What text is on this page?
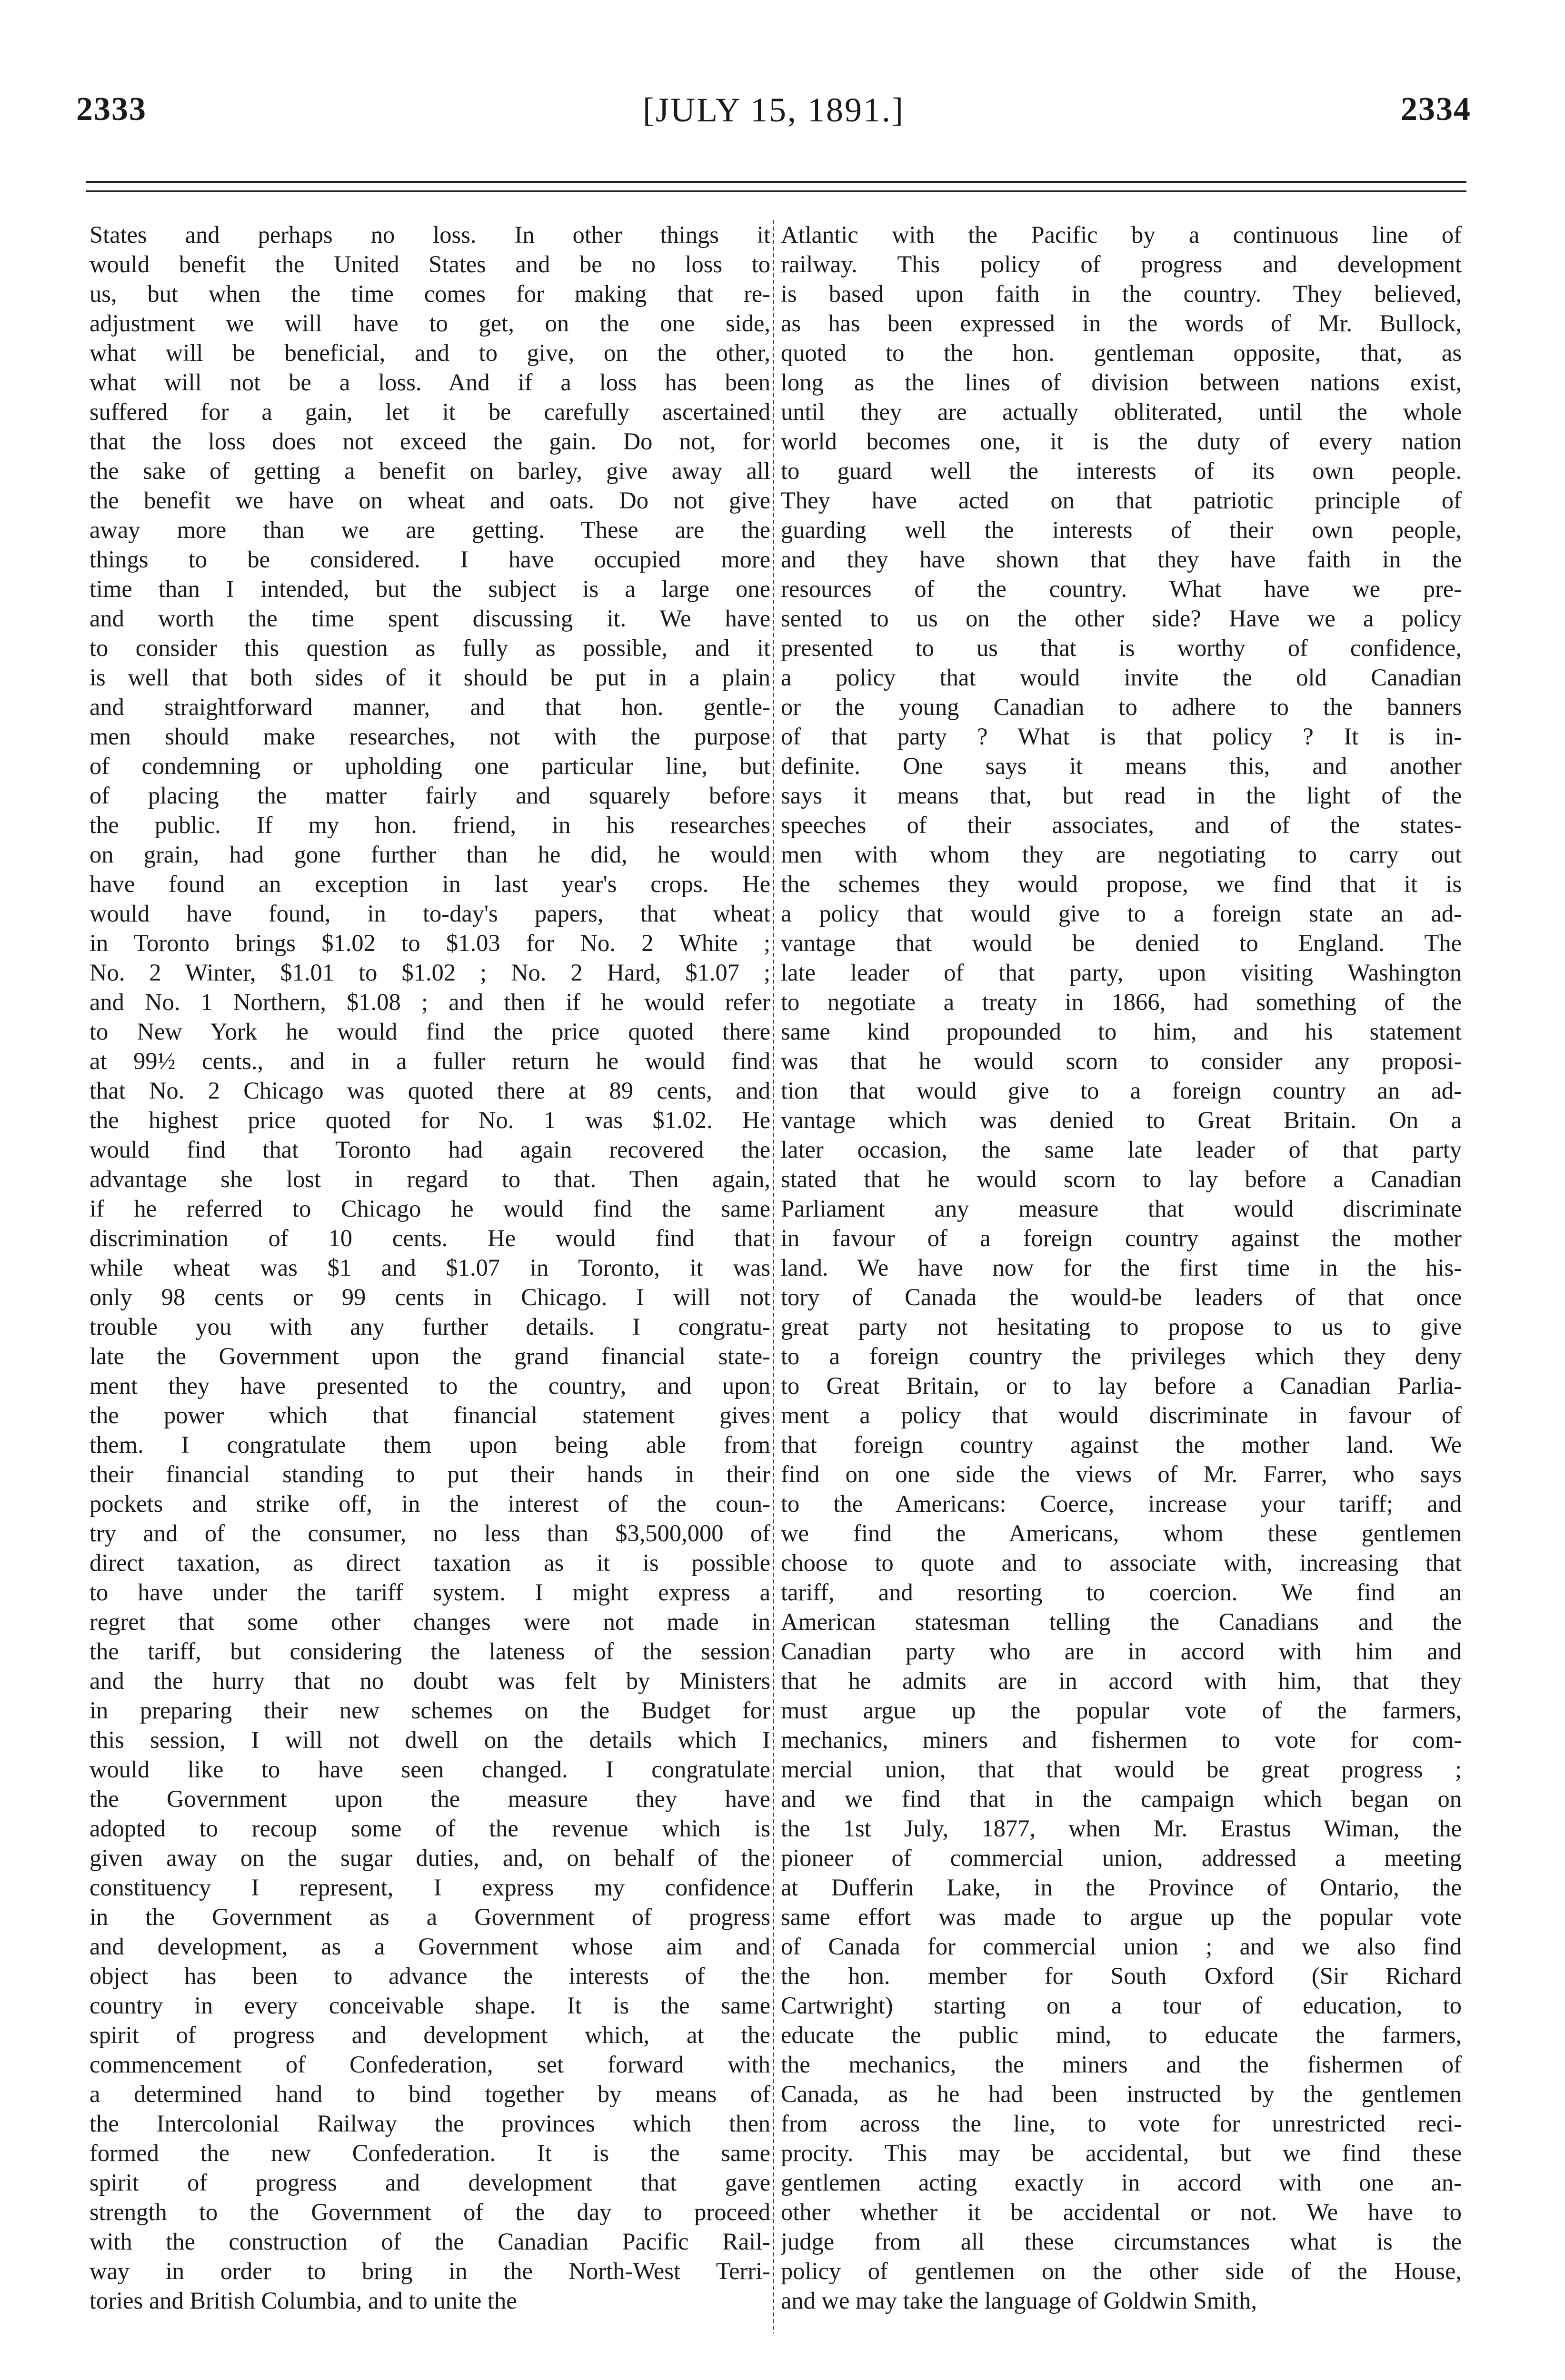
2333	[JULY 15, 1891.]	2334
States and perhaps no loss. In other things it
would benefit the United States and be no loss to
us, but when the time comes for making that re-
adjustment we will have to get, on the one side,
what will be beneficial, and to give, on the other,
what will not be a loss. And if a loss has been
suffered for a gain, let it be carefully ascertained
that the loss does not exceed the gain. Do not, for
the sake of getting a benefit on barley, give away all
the benefit we have on wheat and oats. Do not give
away more than we are getting. These are the
things to be considered. I have occupied more
time than I intended, but the subject is a large one
and worth the time spent discussing it. We have
to consider this question as fully as possible, and it
is well that both sides of it should be put in a plain
and straightforward manner, and that hon. gentle-
men should make researches, not with the purpose
of condemning or upholding one particular line, but
of placing the matter fairly and squarely before
the public. If my hon. friend, in his researches
on grain, had gone further than he did, he would
have found an exception in last year's crops. He
would have found, in to-day's papers, that wheat
in Toronto brings $1.02 to $1.03 for No. 2 White ;
No. 2 Winter, $1.01 to $1.02 ; No. 2 Hard, $1.07 ;
and No. 1 Northern, $1.08 ; and then if he would refer
to New York he would find the price quoted there
at 99½ cents., and in a fuller return he would find
that No. 2 Chicago was quoted there at 89 cents, and
the highest price quoted for No. 1 was $1.02. He
would find that Toronto had again recovered the
advantage she lost in regard to that. Then again,
if he referred to Chicago he would find the same
discrimination of 10 cents. He would find that
while wheat was $1 and $1.07 in Toronto, it was
only 98 cents or 99 cents in Chicago. I will not
trouble you with any further details. I congratu-
late the Government upon the grand financial state-
ment they have presented to the country, and upon
the power which that financial statement gives
them. I congratulate them upon being able from
their financial standing to put their hands in their
pockets and strike off, in the interest of the coun-
try and of the consumer, no less than $3,500,000 of
direct taxation, as direct taxation as it is possible
to have under the tariff system. I might express a
regret that some other changes were not made in
the tariff, but considering the lateness of the session
and the hurry that no doubt was felt by Ministers
in preparing their new schemes on the Budget for
this session, I will not dwell on the details which I
would like to have seen changed. I congratulate
the Government upon the measure they have
adopted to recoup some of the revenue which is
given away on the sugar duties, and, on behalf of the
constituency I represent, I express my confidence
in the Government as a Government of progress
and development, as a Government whose aim and
object has been to advance the interests of the
country in every conceivable shape. It is the same
spirit of progress and development which, at the
commencement of Confederation, set forward with
a determined hand to bind together by means of
the Intercolonial Railway the provinces which then
formed the new Confederation. It is the same
spirit of progress and development that gave
strength to the Government of the day to proceed
with the construction of the Canadian Pacific Rail-
way in order to bring in the North-West Terri-
tories and British Columbia, and to unite the
Atlantic with the Pacific by a continuous line of
railway. This policy of progress and development
is based upon faith in the country. They believed,
as has been expressed in the words of Mr. Bullock,
quoted to the hon. gentleman opposite, that, as
long as the lines of division between nations exist,
until they are actually obliterated, until the whole
world becomes one, it is the duty of every nation
to guard well the interests of its own people.
They have acted on that patriotic principle of
guarding well the interests of their own people,
and they have shown that they have faith in the
resources of the country. What have we pre-
sented to us on the other side? Have we a policy
presented to us that is worthy of confidence,
a policy that would invite the old Canadian
or the young Canadian to adhere to the banners
of that party ? What is that policy ? It is in-
definite. One says it means this, and another
says it means that, but read in the light of the
speeches of their associates, and of the states-
men with whom they are negotiating to carry out
the schemes they would propose, we find that it is
a policy that would give to a foreign state an ad-
vantage that would be denied to England. The
late leader of that party, upon visiting Washington
to negotiate a treaty in 1866, had something of the
same kind propounded to him, and his statement
was that he would scorn to consider any proposi-
tion that would give to a foreign country an ad-
vantage which was denied to Great Britain. On a
later occasion, the same late leader of that party
stated that he would scorn to lay before a Canadian
Parliament any measure that would discriminate
in favour of a foreign country against the mother
land. We have now for the first time in the his-
tory of Canada the would-be leaders of that once
great party not hesitating to propose to us to give
to a foreign country the privileges which they deny
to Great Britain, or to lay before a Canadian Parlia-
ment a policy that would discriminate in favour of
that foreign country against the mother land. We
find on one side the views of Mr. Farrer, who says
to the Americans: Coerce, increase your tariff; and
we find the Americans, whom these gentlemen
choose to quote and to associate with, increasing that
tariff, and resorting to coercion. We find an
American statesman telling the Canadians and the
Canadian party who are in accord with him and
that he admits are in accord with him, that they
must argue up the popular vote of the farmers,
mechanics, miners and fishermen to vote for com-
mercial union, that that would be great progress ;
and we find that in the campaign which began on
the 1st July, 1877, when Mr. Erastus Wiman, the
pioneer of commercial union, addressed a meeting
at Dufferin Lake, in the Province of Ontario, the
same effort was made to argue up the popular vote
of Canada for commercial union ; and we also find
the hon. member for South Oxford (Sir Richard
Cartwright) starting on a tour of education, to
educate the public mind, to educate the farmers,
the mechanics, the miners and the fishermen of
Canada, as he had been instructed by the gentlemen
from across the line, to vote for unrestricted reci-
procity. This may be accidental, but we find these
gentlemen acting exactly in accord with one an-
other whether it be accidental or not. We have to
judge from all these circumstances what is the
policy of gentlemen on the other side of the House,
and we may take the language of Goldwin Smith,
